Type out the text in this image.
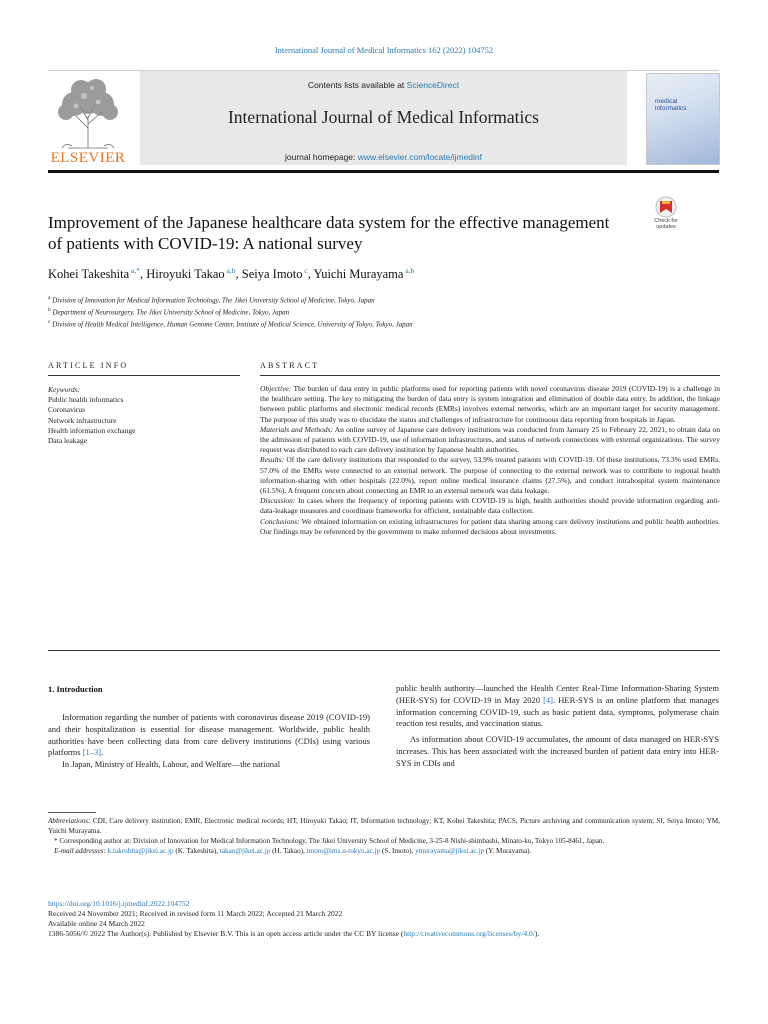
International Journal of Medical Informatics 162 (2022) 104752
ELSEVIER
Contents lists available at ScienceDirect
International Journal of Medical Informatics
journal homepage: www.elsevier.com/locate/ijmedinf
medical
informatics
Check for updates
Improvement of the Japanese healthcare data system for the effective management of patients with COVID-19: A national survey
Kohei Takeshita $^{a,*}$, Hiroyuki Takao $^{a,b}$, Seiya Imoto $^c$, Yuichi Murayama $^{a,b}$
$^a$ Division of Innovation for Medical Information Technology, The Jikei University School of Medicine, Tokyo, Japan
$^b$ Department of Neurosurgery, The Jikei University School of Medicine, Tokyo, Japan
$^c$ Division of Health Medical Intelligence, Human Genome Center, Institute of Medical Science, University of Tokyo, Tokyo, Japan
ARTICLE INFO	ABSTRACT
Keywords:
Public health informatics
Coronavirus
Network infrastructure
Health information exchange
Data leakage

Objective: The burden of data entry in public platforms used for reporting patients with novel coronavirus disease 2019 (COVID-19) is a challenge in the healthcare setting. The key to mitigating the burden of data entry is system integration and elimination of double data entry. In addition, the linkage between public platforms and electronic medical records (EMRs) involves external networks, which are an important target for security management. The purpose of this study was to elucidate the status and challenges of infrastructure for continuous data reporting from hospitals in Japan.

Materials and Methods: An online survey of Japanese care delivery institutions was conducted from January 25 to February 22, 2021, to obtain data on the admission of patients with COVID-19, use of information infrastructures, and status of network connections with external organizations. The survey request was distributed to each care delivery institution by Japanese health authorities.

Results: Of the care delivery institutions that responded to the survey, 53.9% treated patients with COVID-19. Of these institutions, 73.3% used EMRs. 57.0% of the EMRs were connected to an external network. The purpose of connecting to the external network was to contribute to regional health information-sharing with other hospitals (22.0%), report online medical insurance claims (27.5%), and conduct intrahospital system maintenance (61.5%). A frequent concern about connecting an EMR to an external network was data leakage.

Discussion: In cases where the frequency of reporting patients with COVID-19 is high, health authorities should provide information regarding anti-data-leakage measures and coordinate frameworks for efficient, sustainable data collection.

Conclusions: We obtained information on existing infrastructures for patient data sharing among care delivery institutions and public health authorities. Our findings may be referenced by the government to make informed decisions about investments.

1. Introduction

Information regarding the number of patients with coronavirus disease 2019 (COVID-19) and their hospitalization is essential for disease management. Worldwide, public health authorities have been collecting data from care delivery institutions (CDIs) using various platforms [1–3].

In Japan, Ministry of Health, Labour, and Welfare—the national

public health authority—launched the Health Center Real-Time Information-Sharing System (HER-SYS) for COVID-19 in May 2020 [4]. HER-SYS is an online platform that manages information concerning COVID-19, such as basic patient data, symptoms, polymerase chain reaction test results, and vaccination status.

As information about COVID-19 accumulates, the amount of data managed on HER-SYS increases. This has been associated with the increased burden of patient data entry into HER-SYS in CDIs and

Abbreviations: CDI, Care delivery institution; EMR, Electronic medical records; HT, Hiroyuki Takao; IT, Information technology; KT, Kohei Takeshita; PACS, Picture archiving and communication system; SI, Seiya Imoto; YM, Yuichi Murayama.

* Corresponding author at: Division of Innovation for Medical Information Technology, The Jikei University School of Medicine, 3-25-8 Nishi-shimbashi, Minato-ku, Tokyo 105-8461, Japan.

E-mail addresses: k.takeshita@jikei.ac.jp (K. Takeshita), takao@jikei.ac.jp (H. Takao), imoto@ims.u-tokyo.ac.jp (S. Imoto), ymurayama@jikei.ac.jp (Y. Murayama).

https://doi.org/10.1016/j.ijmedinf.2022.104752

Received 24 November 2021; Received in revised form 11 March 2022; Accepted 21 March 2022

Available online 24 March 2022

1386-5056/© 2022 The Author(s). Published by Elsevier B.V. This is an open access article under the CC BY license (http://creativecommons.org/licenses/by/4.0/).
